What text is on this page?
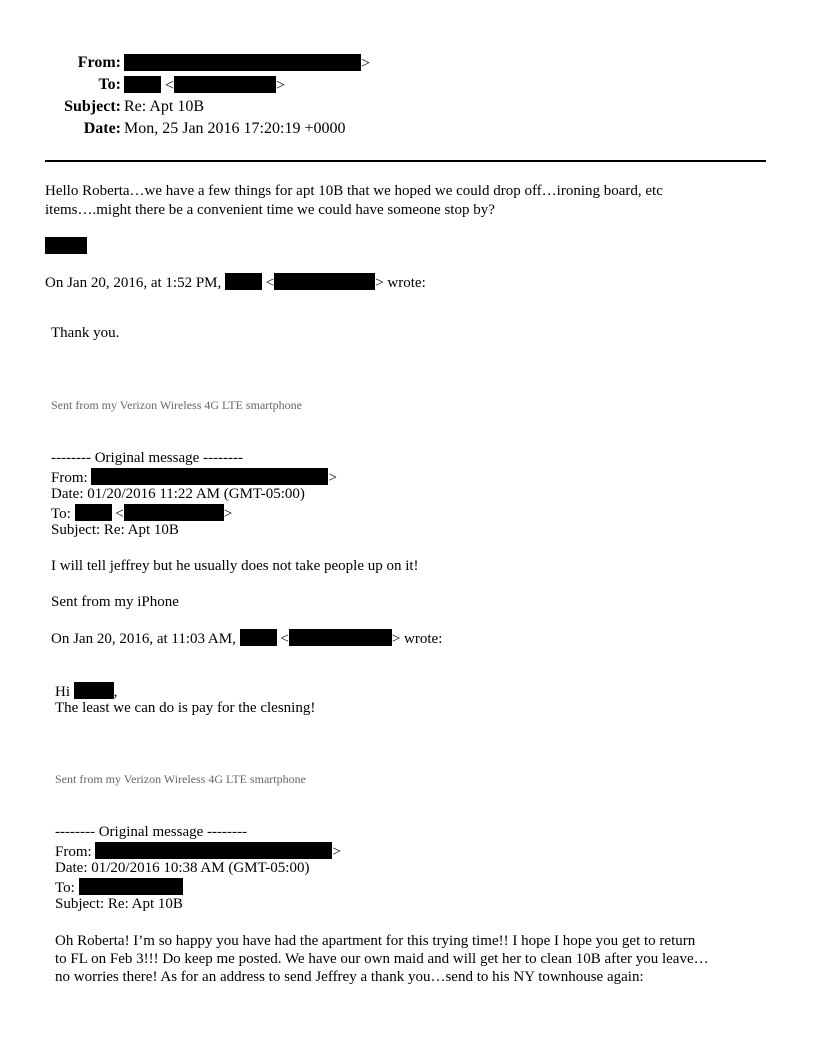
From:	>
To:	<	>
Subject: Re: Apt 10B
Date: Mon, 25 Jan 2016 17:20:19 +0000
Hello Roberta…we have a few things for apt 10B that we hoped we could drop off…ironing board, etc
items….might there be a convenient time we could have someone stop by?
On Jan 20, 2016, at 1:52 PM,	<	> wrote:
Thank you.
Sent from my Verizon Wireless 4G LTE smartphone
-------- Original message --------
From:	>
Date: 01/20/2016 11:22 AM (GMT-05:00)
To:	<	>
Subject: Re: Apt 10B
I will tell jeffrey but he usually does not take people up on it!
Sent from my iPhone
On Jan 20, 2016, at 11:03 AM,	<	> wrote:
Hi	,
The least we can do is pay for the clesning!
Sent from my Verizon Wireless 4G LTE smartphone
-------- Original message --------
From:	>
Date: 01/20/2016 10:38 AM (GMT-05:00)
To:
Subject: Re: Apt 10B
Oh Roberta! I’m so happy you have had the apartment for this trying time!! I hope I hope you get to return
to FL on Feb 3!!! Do keep me posted. We have our own maid and will get her to clean 10B after you leave…
no worries there! As for an address to send Jeffrey a thank you…send to his NY townhouse again:
